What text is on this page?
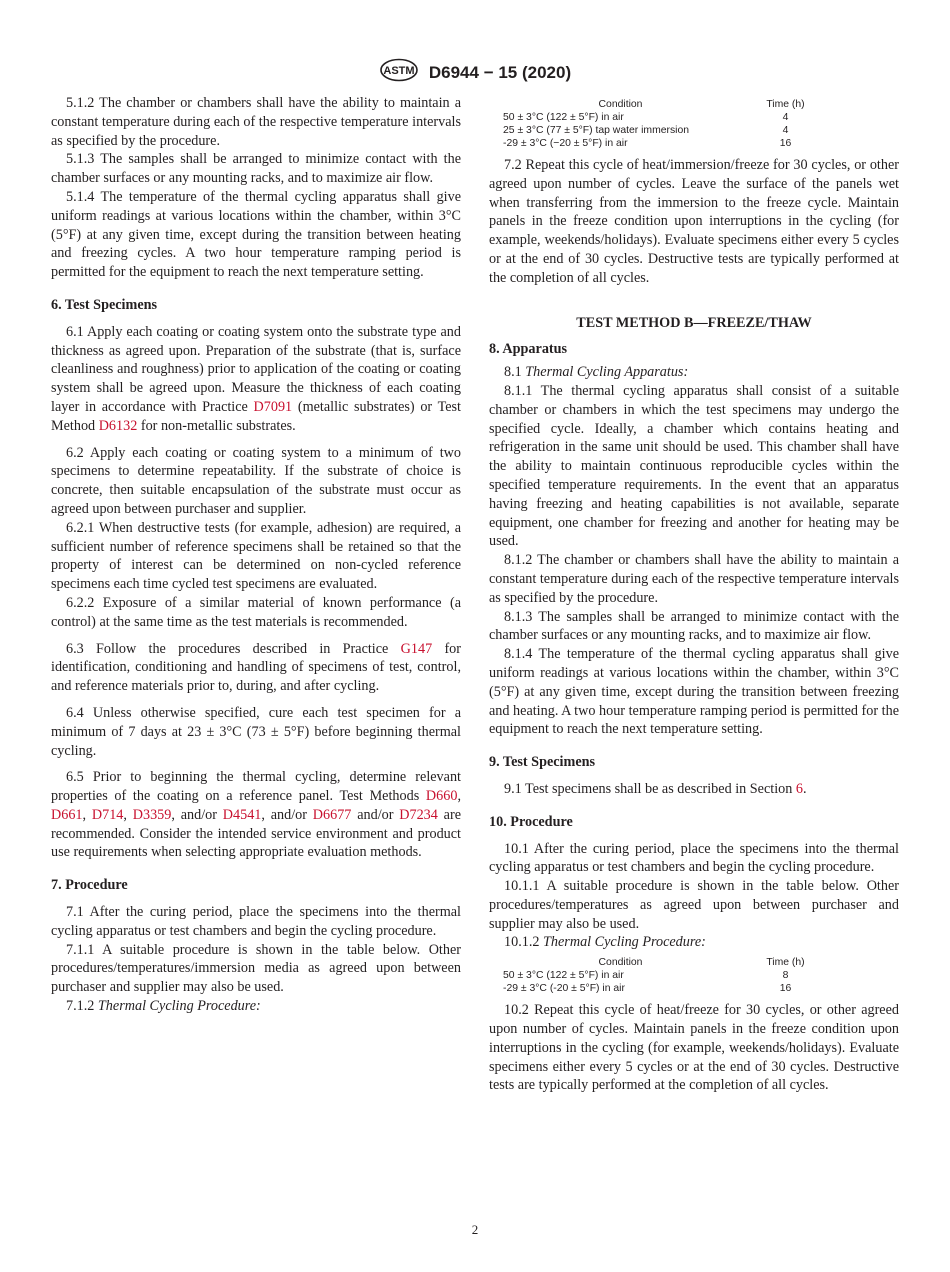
ASTM D6944 − 15 (2020)

5.1.2 The chamber or chambers shall have the ability to maintain a constant temperature during each of the respective temperature intervals as specified by the procedure.

5.1.3 The samples shall be arranged to minimize contact with the chamber surfaces or any mounting racks, and to maximize air flow.

5.1.4 The temperature of the thermal cycling apparatus shall give uniform readings at various locations within the chamber, within 3°C (5°F) at any given time, except during the transition between heating and freezing cycles. A two hour temperature ramping period is permitted for the equipment to reach the next temperature setting.

6. Test Specimens

6.1 Apply each coating or coating system onto the substrate type and thickness as agreed upon. Preparation of the substrate (that is, surface cleanliness and roughness) prior to application of the coating or coating system shall be agreed upon. Measure the thickness of each coating layer in accordance with Practice D7091 (metallic substrates) or Test Method D6132 for non-metallic substrates.

6.2 Apply each coating or coating system to a minimum of two specimens to determine repeatability. If the substrate of choice is concrete, then suitable encapsulation of the substrate must occur as agreed upon between purchaser and supplier.

6.2.1 When destructive tests (for example, adhesion) are required, a sufficient number of reference specimens shall be retained so that the property of interest can be determined on non-cycled reference specimens each time cycled test specimens are evaluated.

6.2.2 Exposure of a similar material of known performance (a control) at the same time as the test materials is recommended.

6.3 Follow the procedures described in Practice G147 for identification, conditioning and handling of specimens of test, control, and reference materials prior to, during, and after cycling.

6.4 Unless otherwise specified, cure each test specimen for a minimum of 7 days at 23 ± 3°C (73 ± 5°F) before beginning thermal cycling.

6.5 Prior to beginning the thermal cycling, determine relevant properties of the coating on a reference panel. Test Methods D660, D661, D714, D3359, and/or D4541, and/or D6677 and/or D7234 are recommended. Consider the intended service environment and product use requirements when selecting appropriate evaluation methods.

7. Procedure

7.1 After the curing period, place the specimens into the thermal cycling apparatus or test chambers and begin the cycling procedure.

7.1.1 A suitable procedure is shown in the table below. Other procedures/temperatures/immersion media as agreed upon between purchaser and supplier may also be used.

7.1.2 Thermal Cycling Procedure:

Condition	Time (h)
50 ± 3°C (122 ± 5°F) in air	4
25 ± 3°C (77 ± 5°F) tap water immersion	4
-29 ± 3°C (−20 ± 5°F) in air	16

7.2 Repeat this cycle of heat/immersion/freeze for 30 cycles, or other agreed upon number of cycles. Leave the surface of the panels wet when transferring from the immersion to the freeze cycle. Maintain panels in the freeze condition upon interruptions in the cycling (for example, weekends/holidays). Evaluate specimens either every 5 cycles or at the end of 30 cycles. Destructive tests are typically performed at the completion of all cycles.

TEST METHOD B—FREEZE/THAW
8. Apparatus

8.1 Thermal Cycling Apparatus:

8.1.1 The thermal cycling apparatus shall consist of a suitable chamber or chambers in which the test specimens may undergo the specified cycle. Ideally, a chamber which contains heating and refrigeration in the same unit should be used. This chamber shall have the ability to maintain continuous reproducible cycles within the specified temperature requirements. In the event that an apparatus having freezing and heating capabilities is not available, separate equipment, one chamber for freezing and another for heating may be used.

8.1.2 The chamber or chambers shall have the ability to maintain a constant temperature during each of the respective temperature intervals as specified by the procedure.

8.1.3 The samples shall be arranged to minimize contact with the chamber surfaces or any mounting racks, and to maximize air flow.

8.1.4 The temperature of the thermal cycling apparatus shall give uniform readings at various locations within the chamber, within 3°C (5°F) at any given time, except during the transition between freezing and heating. A two hour temperature ramping period is permitted for the equipment to reach the next temperature setting.

9. Test Specimens

9.1 Test specimens shall be as described in Section 6.

10. Procedure

10.1 After the curing period, place the specimens into the thermal cycling apparatus or test chambers and begin the cycling procedure.

10.1.1 A suitable procedure is shown in the table below. Other procedures/temperatures as agreed upon between purchaser and supplier may also be used.

10.1.2 Thermal Cycling Procedure:

Condition	Time (h)
50 ± 3°C (122 ± 5°F) in air	8
-29 ± 3°C (-20 ± 5°F) in air	16

10.2 Repeat this cycle of heat/freeze for 30 cycles, or other agreed upon number of cycles. Maintain panels in the freeze condition upon interruptions in the cycling (for example, weekends/holidays). Evaluate specimens either every 5 cycles or at the end of 30 cycles. Destructive tests are typically performed at the completion of all cycles.

2
